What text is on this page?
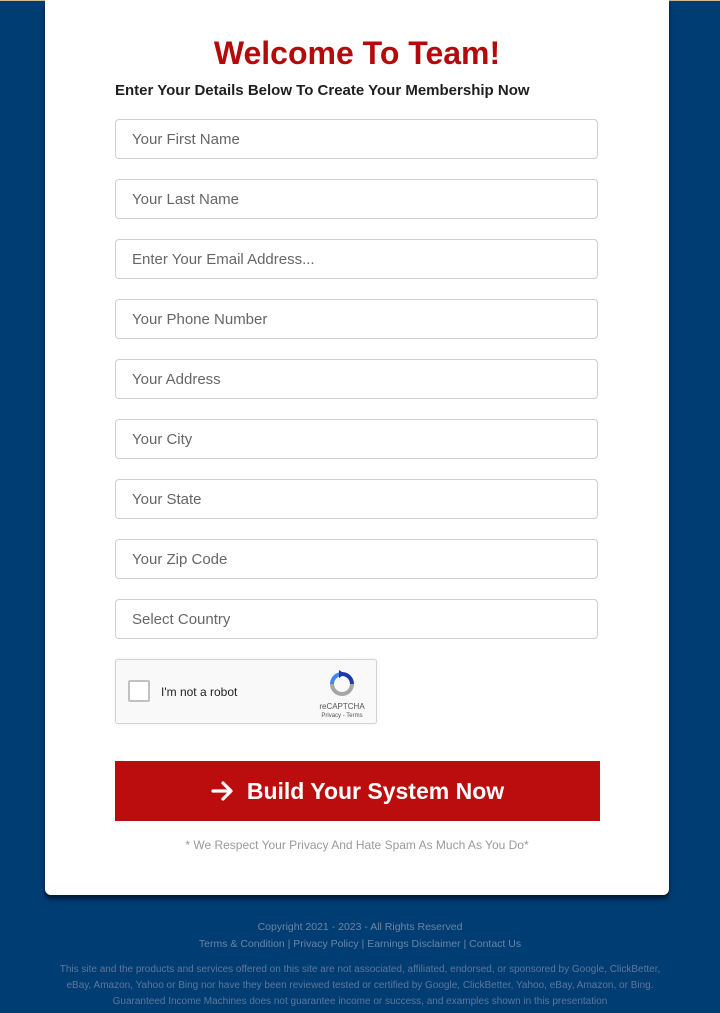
Welcome To Team!
Enter Your Details Below To Create Your Membership Now
Your First Name
Your Last Name
Enter Your Email Address...
Your Phone Number
Your Address
Your City
Your State
Your Zip Code
Select Country
I'm not a robot
reCAPTCHA
Privacy - Terms
Build Your System Now
* We Respect Your Privacy And Hate Spam As Much As You Do*
Copyright 2021 - 2023 - All Rights Reserved
Terms & Condition | Privacy Policy | Earnings Disclaimer | Contact Us
This site and the products and services offered on this site are not associated, affiliated, endorsed, or sponsored by Google, ClickBetter, eBay, Amazon, Yahoo or Bing nor have they been reviewed tested or certified by Google, ClickBetter, Yahoo, eBay, Amazon, or Bing. Guaranteed Income Machines does not guarantee income or success, and examples shown in this presentation
